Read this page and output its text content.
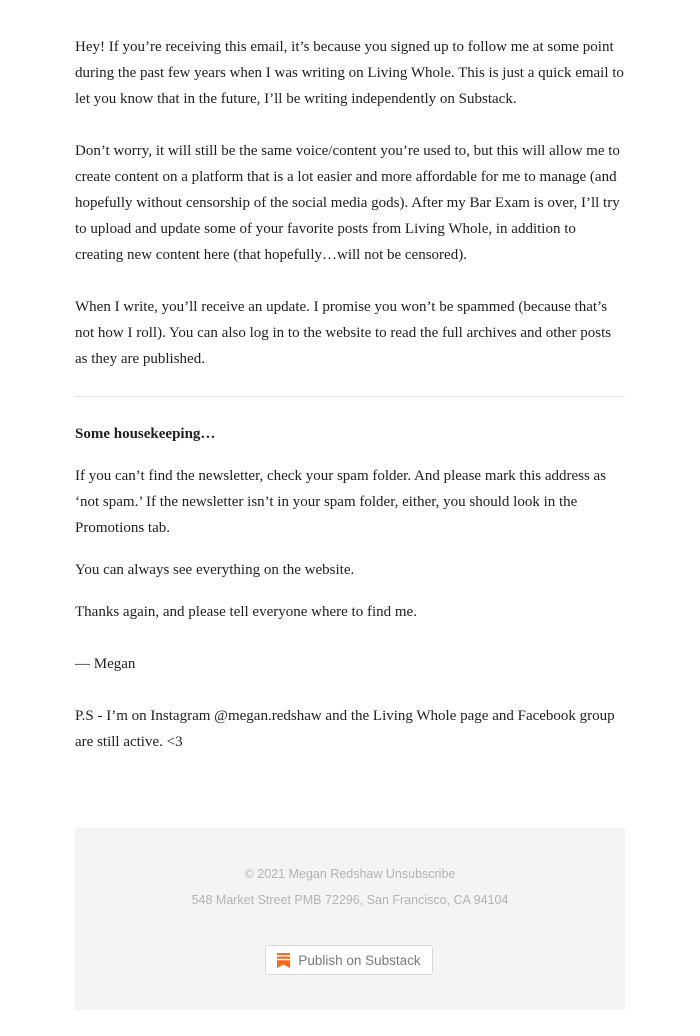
Hey! If you’re receiving this email, it’s because you signed up to follow me at some point during the past few years when I was writing on Living Whole. This is just a quick email to let you know that in the future, I’ll be writing independently on Substack.

Don’t worry, it will still be the same voice/content you’re used to, but this will allow me to create content on a platform that is a lot easier and more affordable for me to manage (and hopefully without censorship of the social media gods). After my Bar Exam is over, I’ll try to upload and update some of your favorite posts from Living Whole, in addition to creating new content here (that hopefully…will not be censored).

When I write, you’ll receive an update. I promise you won’t be spammed (because that’s not how I roll). You can also log in to the website to read the full archives and other posts as they are published.

Some housekeeping…

If you can’t find the newsletter, check your spam folder. And please mark this address as ‘not spam.’ If the newsletter isn’t in your spam folder, either, you should look in the Promotions tab.

You can always see everything on the website.

Thanks again, and please tell everyone where to find me.

— Megan

P.S - I’m on Instagram @megan.redshaw and the Living Whole page and Facebook group are still active. <3

© 2021 Megan Redshaw Unsubscribe
548 Market Street PMB 72296, San Francisco, CA 94104
Publish on Substack
